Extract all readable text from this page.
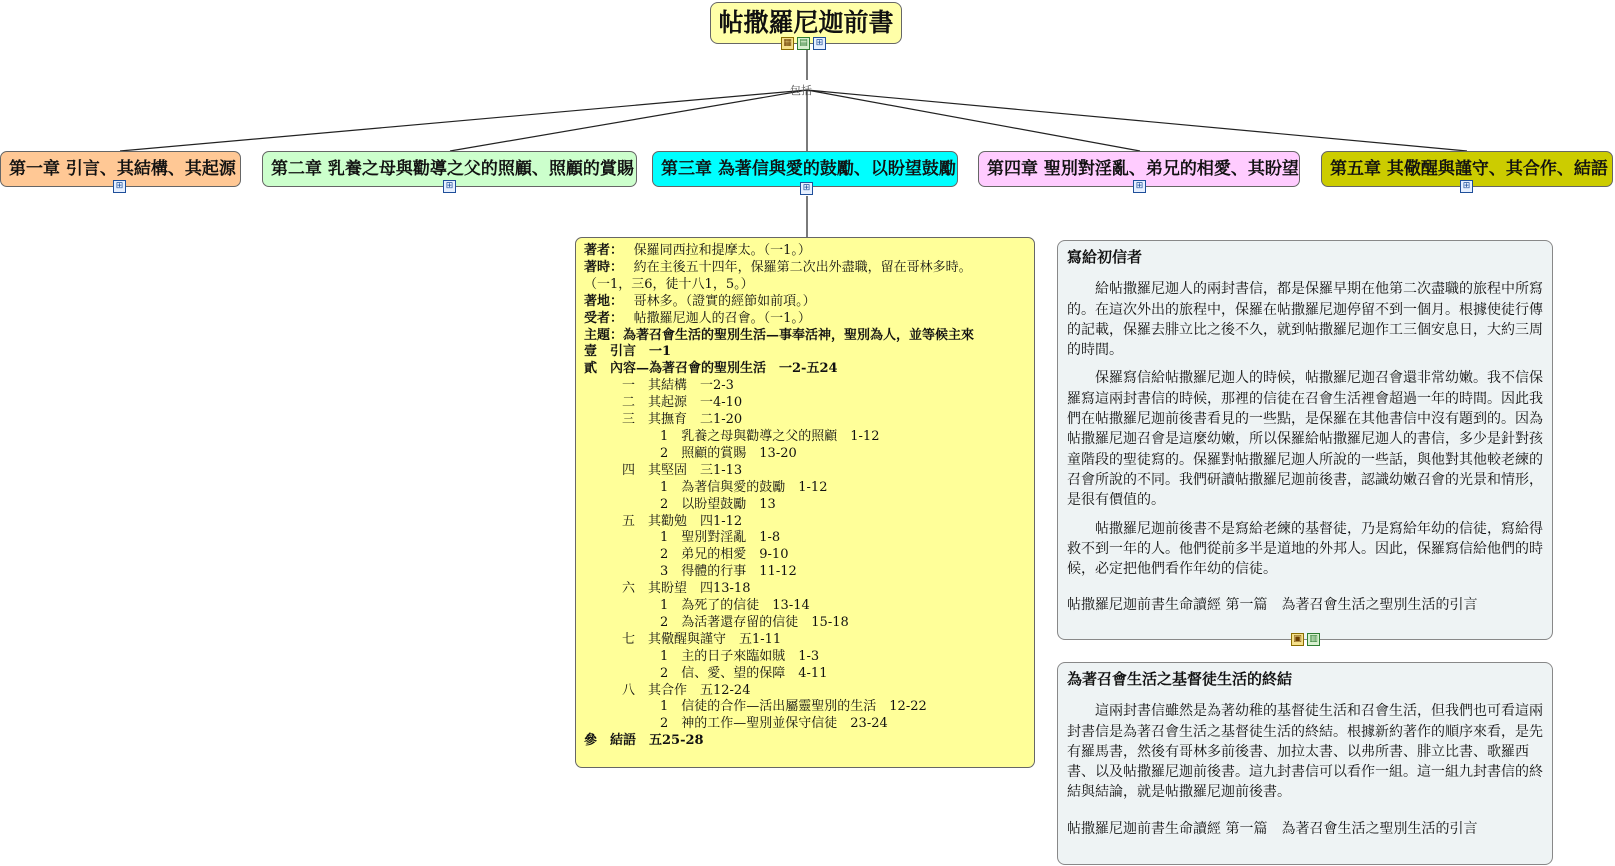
帖撒羅尼迦前書
▦ ▤ ⊞
包括
第一章 引言、其結構、其起源
⊞
第二章 乳養之母與勸導之父的照顧、照顧的賞賜
⊞
第三章 為著信與愛的鼓勵、以盼望鼓勵
⊞
第四章 聖別對淫亂、弟兄的相愛、其盼望
⊞
第五章 其儆醒與謹守、其合作、結語
⊞
著者：　 保羅同西拉和提摩太。（一1。）
著時：　 約在主後五十四年，保羅第二次出外盡職，留在哥林多時。
（一1，三6，徒十八1，5。）
著地：　 哥林多。（證實的經節如前項。）
受者：　 帖撒羅尼迦人的召會。（一1。）
主題：為著召會生活的聖別生活—事奉活神，聖別為人，並等候主來
壹　引言　一1
貳　內容—為著召會的聖別生活　一2-五24
一　其結構　一2-3
二　其起源　一4-10
三　其撫育　二1-20
1　乳養之母與勸導之父的照顧　1-12
2　照顧的賞賜　13-20
四　其堅固　三1-13
1　為著信與愛的鼓勵　1-12
2　以盼望鼓勵　13
五　其勸勉　四1-12
1　聖別對淫亂　1-8
2　弟兄的相愛　9-10
3　得體的行事　11-12
六　其盼望　四13-18
1　為死了的信徒　13-14
2　為活著還存留的信徒　15-18
七　其儆醒與謹守　五1-11
1　主的日子來臨如賊　1-3
2　信、愛、望的保障　4-11
八　其合作　五12-24
1　信徒的合作—活出屬靈聖別的生活　12-22
2　神的工作—聖別並保守信徒　23-24
參　結語　五25-28
寫給初信者

給帖撒羅尼迦人的兩封書信，都是保羅早期在他第二次盡職的旅程中所寫的。在這次外出的旅程中，保羅在帖撒羅尼迦停留不到一個月。根據使徒行傳的記載，保羅去腓立比之後不久，就到帖撒羅尼迦作工三個安息日，大約三周的時間。

保羅寫信給帖撒羅尼迦人的時候，帖撒羅尼迦召會還非常幼嫩。我不信保羅寫這兩封書信的時候，那裡的信徒在召會生活裡會超過一年的時間。因此我們在帖撒羅尼迦前後書看見的一些點，是保羅在其他書信中沒有題到的。因為帖撒羅尼迦召會是這麼幼嫩，所以保羅給帖撒羅尼迦人的書信，多少是針對孩童階段的聖徒寫的。保羅對帖撒羅尼迦人所說的一些話，與他對其他較老練的召會所說的不同。我們研讀帖撒羅尼迦前後書，認識幼嫩召會的光景和情形，是很有價值的。

帖撒羅尼迦前後書不是寫給老練的基督徒，乃是寫給年幼的信徒，寫給得救不到一年的人。他們從前多半是道地的外邦人。因此，保羅寫信給他們的時候，必定把他們看作年幼的信徒。

帖撒羅尼迦前書生命讀經 第一篇　為著召會生活之聖別生活的引言

▣ ▥
為著召會生活之基督徒生活的終結

這兩封書信雖然是為著幼稚的基督徒生活和召會生活，但我們也可看這兩封書信是為著召會生活之基督徒生活的終結。根據新約著作的順序來看，是先有羅馬書，然後有哥林多前後書、加拉太書、以弗所書、腓立比書、歌羅西書、以及帖撒羅尼迦前後書。這九封書信可以看作一組。這一組九封書信的終結與結論，就是帖撒羅尼迦前後書。

帖撒羅尼迦前書生命讀經 第一篇　為著召會生活之聖別生活的引言
